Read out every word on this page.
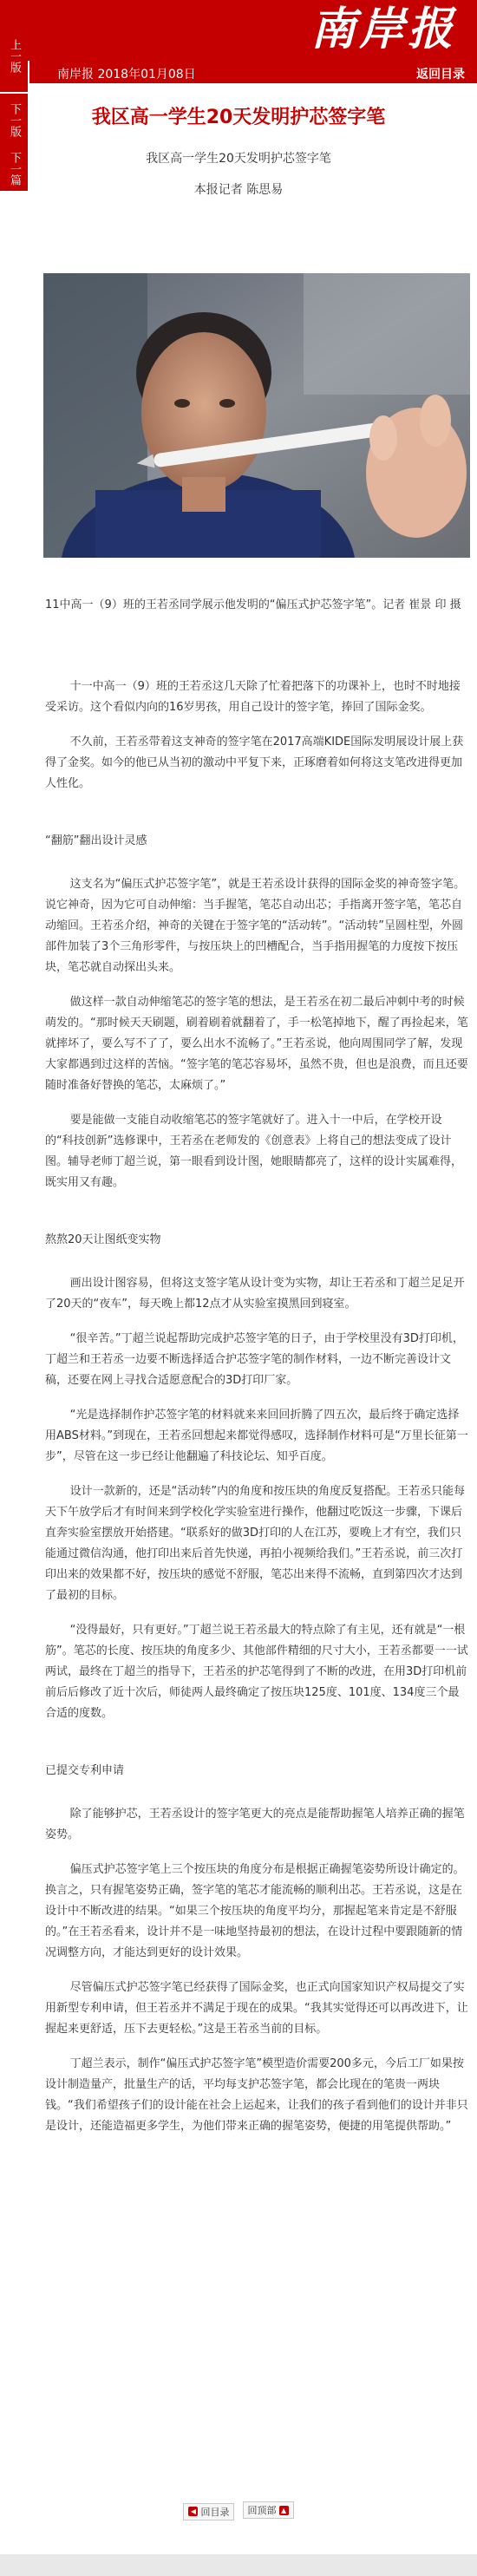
南岸报
上一版
下一版
下一篇
南岸报 2018年01月08日	返回目录
我区高一学生20天发明护芯签字笔
我区高一学生20天发明护芯签字笔
本报记者 陈思易
11中高一（9）班的王若丞同学展示他发明的“偏压式护芯签字笔”。记者 崔景 印 摄

十一中高一（9）班的王若丞这几天除了忙着把落下的功课补上，也时不时地接受采访。这个看似内向的16岁男孩，用自己设计的签字笔，捧回了国际金奖。

不久前，王若丞带着这支神奇的签字笔在2017高端KIDE国际发明展设计展上获得了金奖。如今的他已从当初的激动中平复下来，正琢磨着如何将这支笔改进得更加人性化。

“翻筋”翻出设计灵感

这支名为“偏压式护芯签字笔”，就是王若丞设计获得的国际金奖的神奇签字笔。说它神奇，因为它可自动伸缩：当手握笔，笔芯自动出芯；手指离开签字笔，笔芯自动缩回。王若丞介绍，神奇的关键在于签字笔的“活动转”。“活动转”呈圆柱型，外圆部件加装了3个三角形零件，与按压块上的凹槽配合，当手指用握笔的力度按下按压块，笔芯就自动探出头来。

做这样一款自动伸缩笔芯的签字笔的想法，是王若丞在初二最后冲刺中考的时候萌发的。“那时候天天刷题，刷着刷着就翻着了，手一松笔掉地下，醒了再捡起来，笔就摔坏了，要么写不了了，要么出水不流畅了。”王若丞说，他向周围同学了解，发现大家都遇到过这样的苦恼。“签字笔的笔芯容易坏，虽然不贵，但也是浪费，而且还要随时准备好替换的笔芯，太麻烦了。”

要是能做一支能自动收缩笔芯的签字笔就好了。进入十一中后，在学校开设的“科技创新”选修课中，王若丞在老师发的《创意表》上将自己的想法变成了设计图。辅导老师丁超兰说，第一眼看到设计图，她眼睛都亮了，这样的设计实属难得，既实用又有趣。

熬熬20天让图纸变实物

画出设计图容易，但将这支签字笔从设计变为实物，却让王若丞和丁超兰足足开了20天的“夜车”，每天晚上都12点才从实验室摸黑回到寝室。

“很辛苦。”丁超兰说起帮助完成护芯签字笔的日子，由于学校里没有3D打印机，丁超兰和王若丞一边要不断选择适合护芯签字笔的制作材料，一边不断完善设计文稿，还要在网上寻找合适愿意配合的3D打印厂家。

“光是选择制作护芯签字笔的材料就来来回回折腾了四五次，最后终于确定选择用ABS材料。”到现在，王若丞回想起来都觉得感叹，选择制作材料可是“万里长征第一步”，尽管在这一步已经让他翻遍了科技论坛、知乎百度。

设计一款新的，还是“活动转”内的角度和按压块的角度反复搭配。王若丞只能每天下午放学后才有时间来到学校化学实验室进行操作，他翻过吃饭这一步骤，下课后直奔实验室摆放开始搭建。“联系好的做3D打印的人在江苏，要晚上才有空，我们只能通过微信沟通，他打印出来后首先快递，再拍小视频给我们。”王若丞说，前三次打印出来的效果都不好，按压块的感觉不舒服，笔芯出来得不流畅，直到第四次才达到了最初的目标。

“没得最好，只有更好。”丁超兰说王若丞最大的特点除了有主见，还有就是“一根筋”。笔芯的长度、按压块的角度多少、其他部件精细的尺寸大小，王若丞都要一一试两试，最终在丁超兰的指导下，王若丞的护芯笔得到了不断的改进，在用3D打印机前前后后修改了近十次后，师徒两人最终确定了按压块125度、101度、134度三个最合适的度数。

已提交专利申请

除了能够护芯，王若丞设计的签字笔更大的亮点是能帮助握笔人培养正确的握笔姿势。

偏压式护芯签字笔上三个按压块的角度分布是根据正确握笔姿势所设计确定的。换言之，只有握笔姿势正确，签字笔的笔芯才能流畅的顺利出芯。王若丞说，这是在设计中不断改进的结果。“如果三个按压块的角度平均分，那握起笔来肯定是不舒服的。”在王若丞看来，设计并不是一味地坚持最初的想法，在设计过程中要跟随新的情况调整方向，才能达到更好的设计效果。

尽管偏压式护芯签字笔已经获得了国际金奖，也正式向国家知识产权局提交了实用新型专利申请，但王若丞并不满足于现在的成果。“我其实觉得还可以再改进下，让握起来更舒适，压下去更轻松。”这是王若丞当前的目标。

丁超兰表示，制作“偏压式护芯签字笔”模型造价需要200多元，今后工厂如果按设计制造量产，批量生产的话，平均每支护芯签字笔，都会比现在的笔贵一两块钱。“我们希望孩子们的设计能在社会上运起来，让我们的孩子看到他们的设计并非只是设计，还能造福更多学生，为他们带来正确的握笔姿势，便捷的用笔提供帮助。”

◀ 回目录
回顶部 ▲
